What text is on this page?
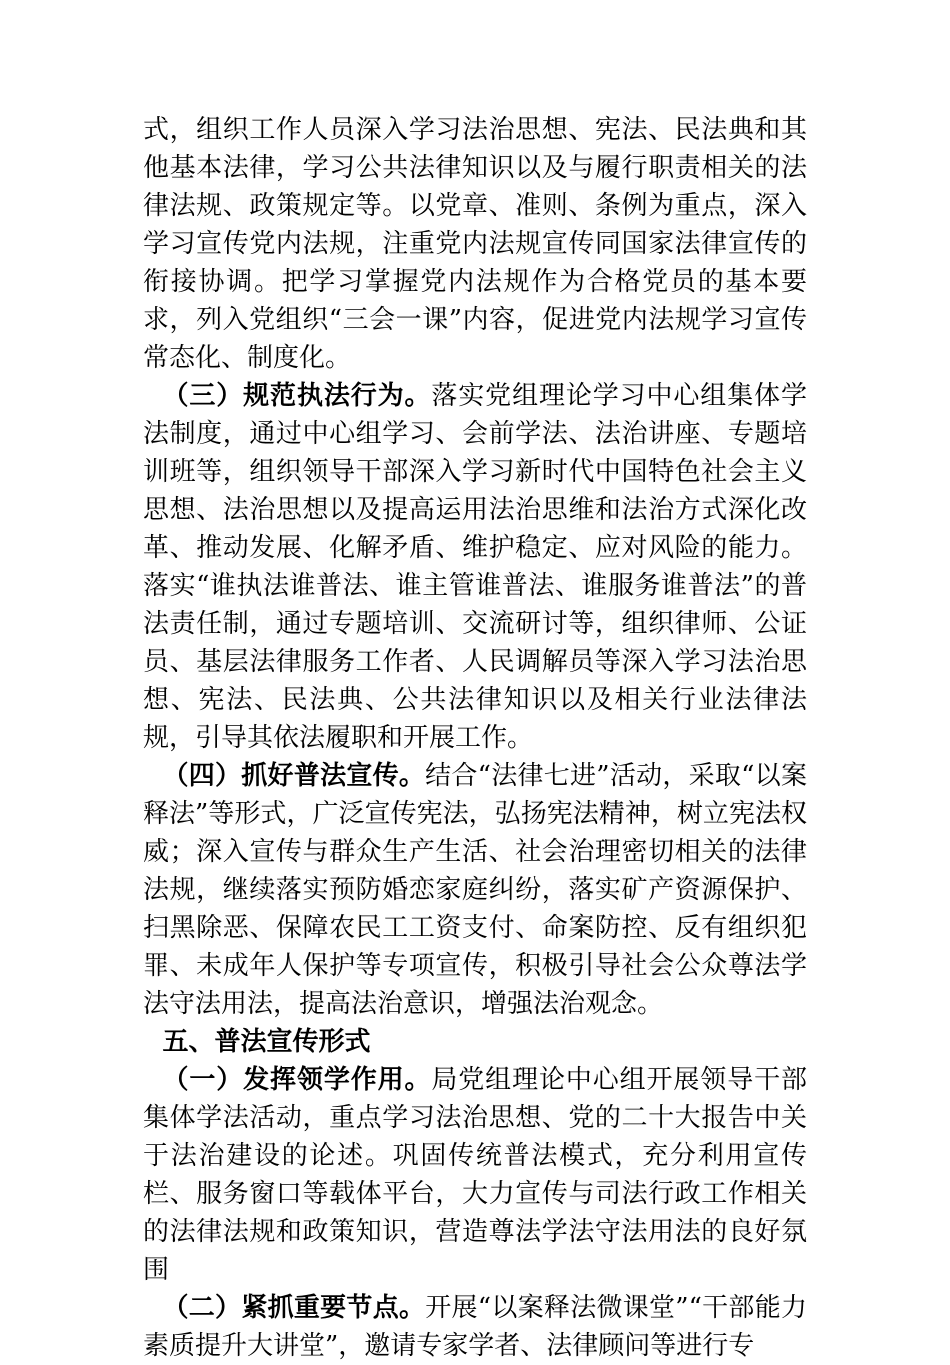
式，组织工作人员深入学习法治思想、宪法、民法典和其他基本法律，学习公共法律知识以及与履行职责相关的法律法规、政策规定等。以党章、准则、条例为重点，深入学习宣传党内法规，注重党内法规宣传同国家法律宣传的衔接协调。把学习掌握党内法规作为合格党员的基本要求，列入党组织“三会一课”内容，促进党内法规学习宣传常态化、制度化。

（三）规范执法行为。落实党组理论学习中心组集体学法制度，通过中心组学习、会前学法、法治讲座、专题培训班等，组织领导干部深入学习新时代中国特色社会主义思想、法治思想以及提高运用法治思维和法治方式深化改革、推动发展、化解矛盾、维护稳定、应对风险的能力。落实“谁执法谁普法、谁主管谁普法、谁服务谁普法”的普法责任制，通过专题培训、交流研讨等，组织律师、公证员、基层法律服务工作者、人民调解员等深入学习法治思想、宪法、民法典、公共法律知识以及相关行业法律法规，引导其依法履职和开展工作。

（四）抓好普法宣传。结合“法律七进”活动，采取“以案释法”等形式，广泛宣传宪法，弘扬宪法精神，树立宪法权威；深入宣传与群众生产生活、社会治理密切相关的法律法规，继续落实预防婚恋家庭纠纷，落实矿产资源保护、扫黑除恶、保障农民工工资支付、命案防控、反有组织犯罪、未成年人保护等专项宣传，积极引导社会公众尊法学法守法用法，提高法治意识，增强法治观念。

五、普法宣传形式

（一）发挥领学作用。局党组理论中心组开展领导干部集体学法活动，重点学习法治思想、党的二十大报告中关于法治建设的论述。巩固传统普法模式，充分利用宣传栏、服务窗口等载体平台，大力宣传与司法行政工作相关的法律法规和政策知识，营造尊法学法守法用法的良好氛围

（二）紧抓重要节点。开展“以案释法微课堂”“干部能力素质提升大讲堂”，邀请专家学者、法律顾问等进行专
